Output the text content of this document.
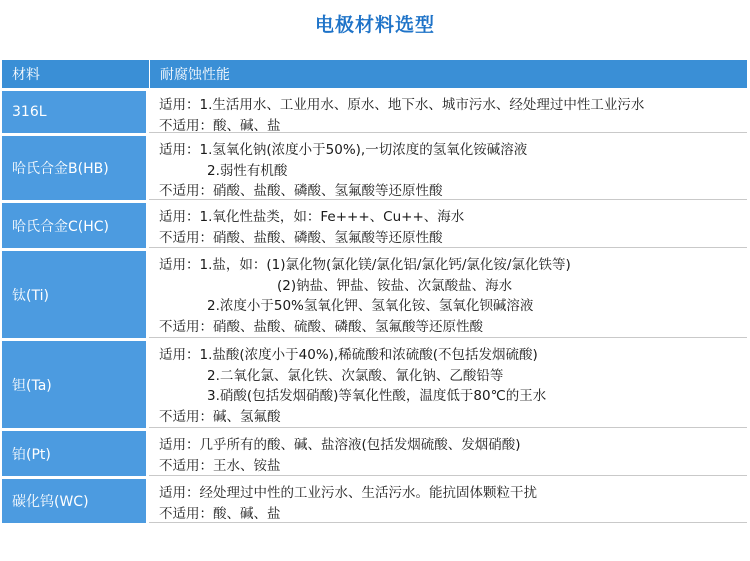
电极材料选型
材料	耐腐蚀性能
316L	适用：1.生活用水、工业用水、原水、地下水、城市污水、经处理过中性工业污水
不适用：酸、碱、盐
哈氏合金B(HB)
适用：1.氢氧化钠(浓度小于50%),一切浓度的氢氧化铵碱溶液
2.弱性有机酸
不适用：硝酸、盐酸、磷酸、氢氟酸等还原性酸
哈氏合金C(HC)
适用：1.氧化性盐类，如：Fe+++、Cu++、海水
不适用：硝酸、盐酸、磷酸、氢氟酸等还原性酸
钛(Ti)
适用：1.盐，如：(1)氯化物(氯化镁/氯化铝/氯化钙/氯化铵/氯化铁等)
(2)钠盐、钾盐、铵盐、次氯酸盐、海水
2.浓度小于50%氢氧化钾、氢氧化铵、氢氧化钡碱溶液
不适用：硝酸、盐酸、硫酸、磷酸、氢氟酸等还原性酸
钽(Ta)
适用：1.盐酸(浓度小于40%),稀硫酸和浓硫酸(不包括发烟硫酸)
2.二氧化氯、氯化铁、次氯酸、氰化钠、乙酸铅等
3.硝酸(包括发烟硝酸)等氧化性酸，温度低于80℃的王水
不适用：碱、氢氟酸
铂(Pt)
适用：几乎所有的酸、碱、盐溶液(包括发烟硫酸、发烟硝酸)
不适用：王水、铵盐
碳化钨(WC)
适用：经处理过中性的工业污水、生活污水。能抗固体颗粒干扰
不适用：酸、碱、盐
